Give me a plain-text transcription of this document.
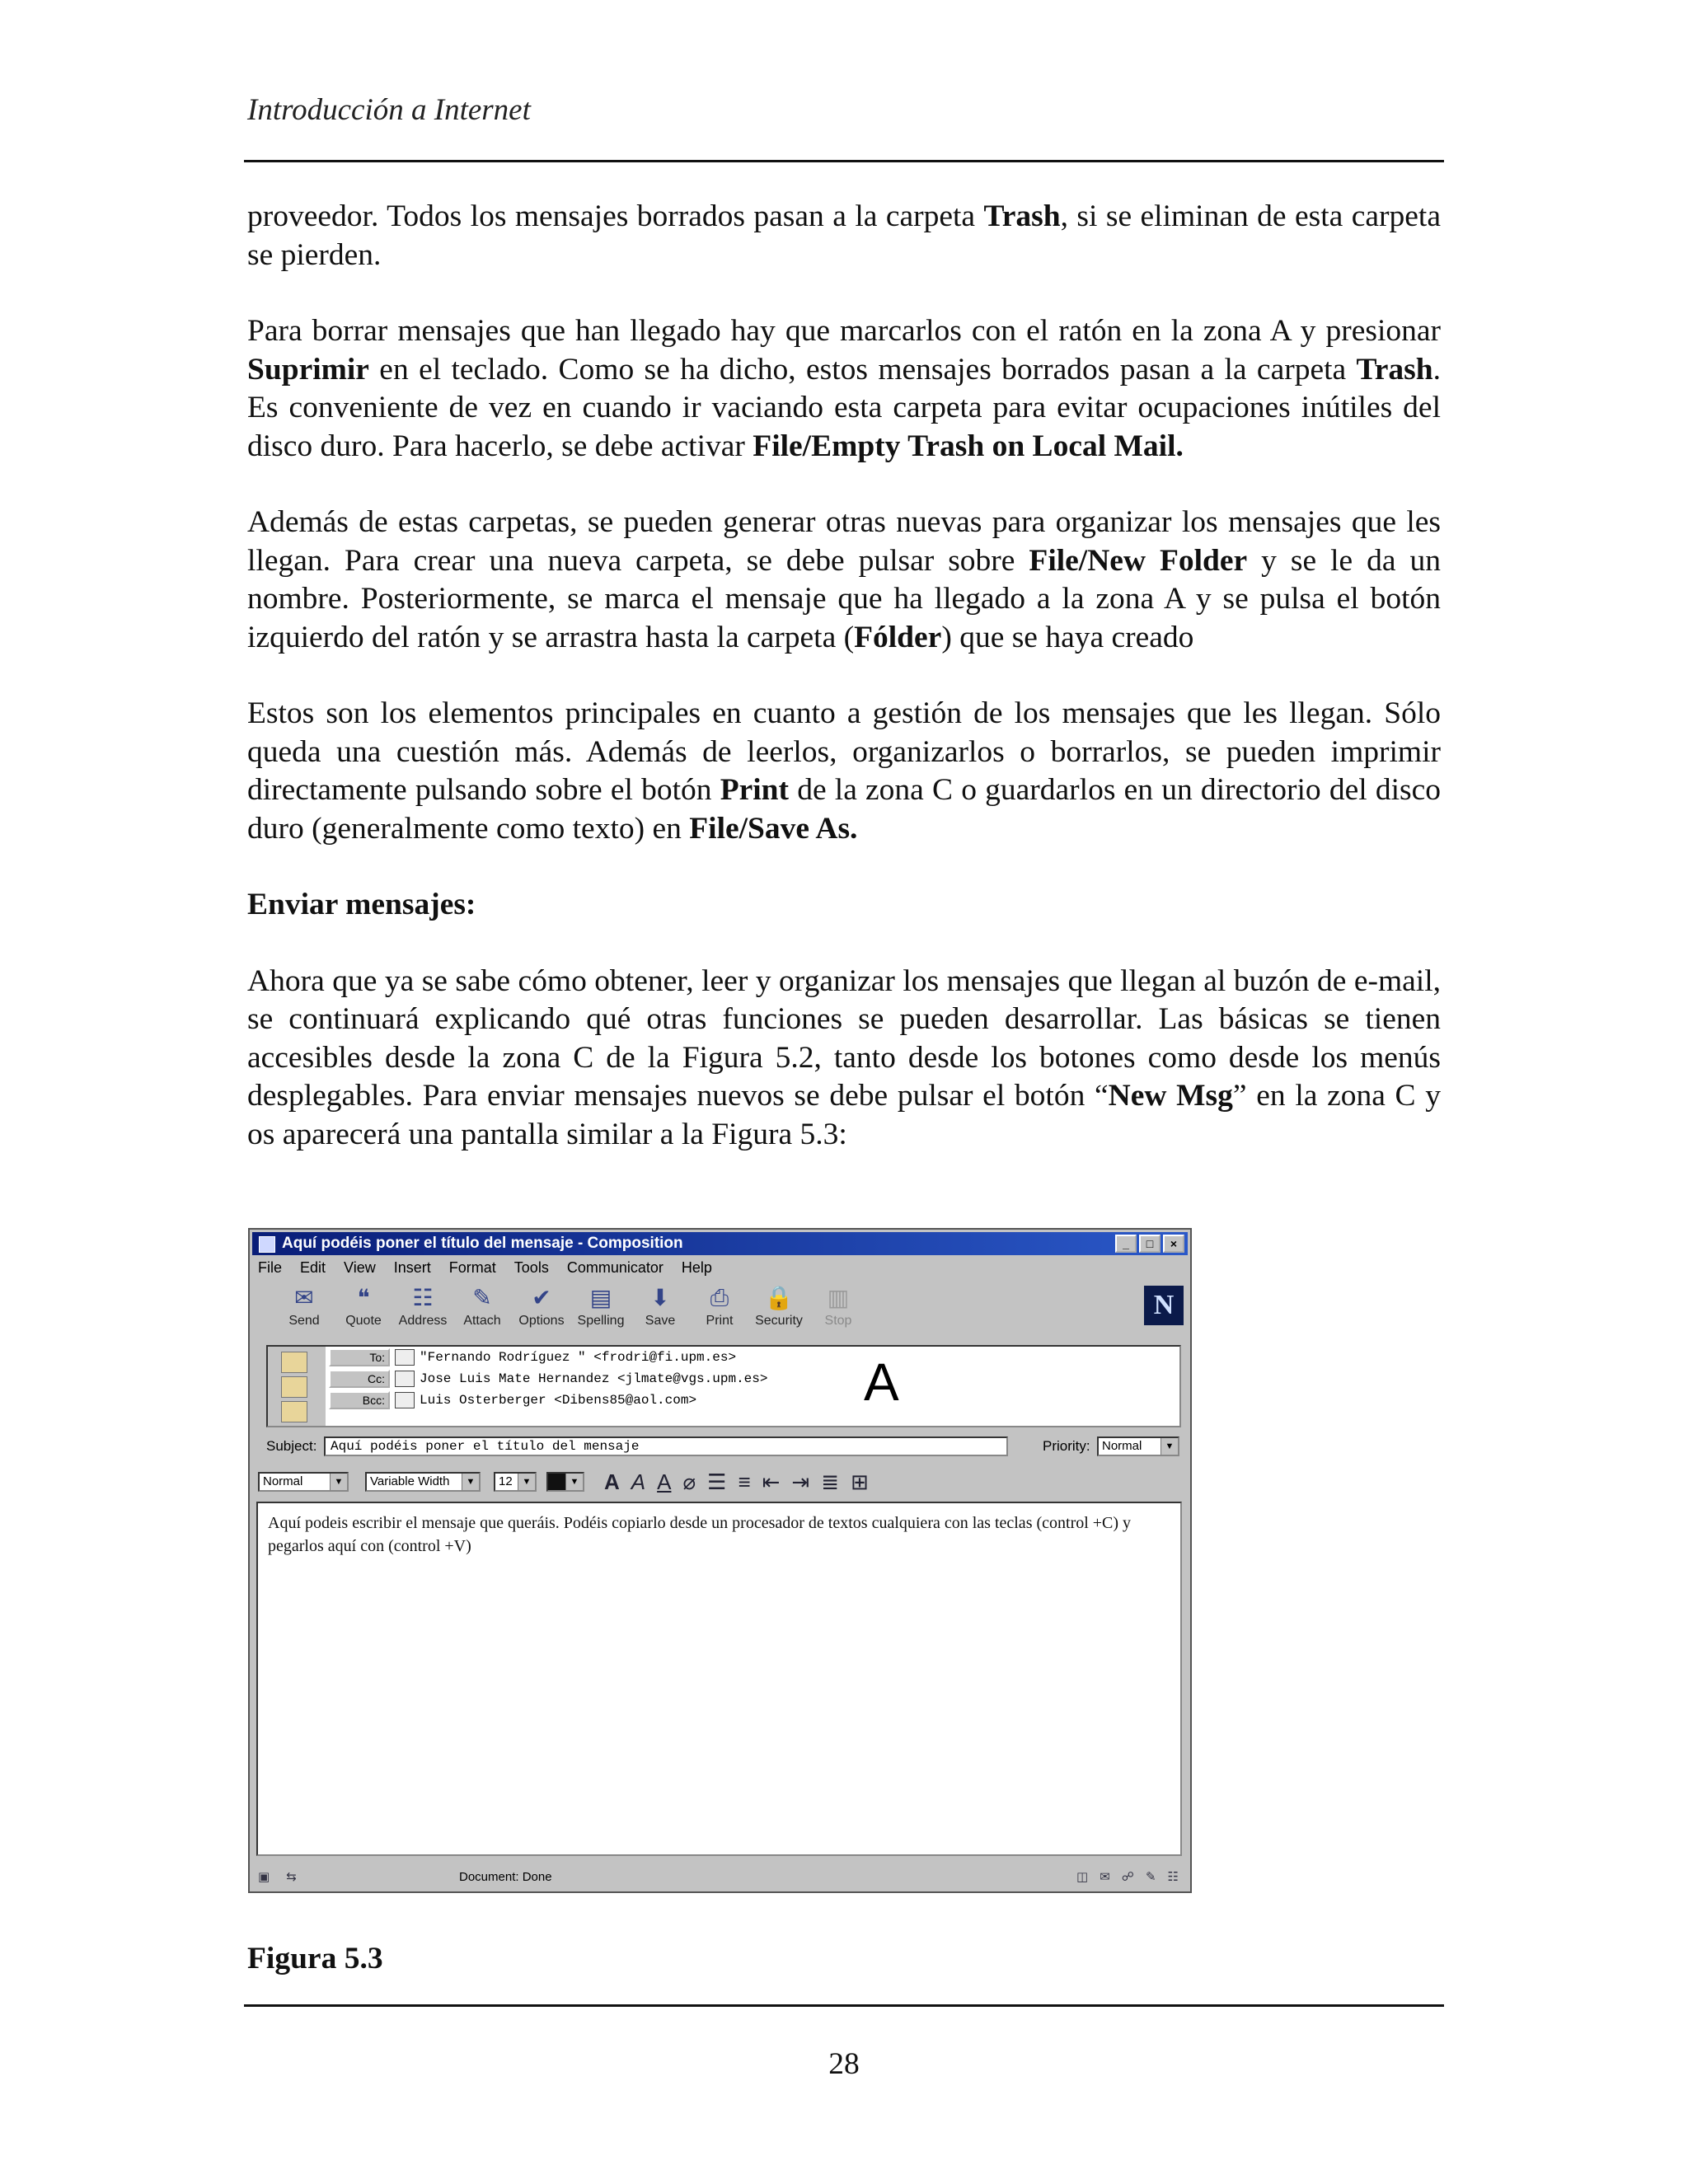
Introducción a Internet

proveedor. Todos los mensajes borrados pasan a la carpeta Trash, si se eliminan de esta carpeta se pierden.

Para borrar mensajes que han llegado hay que marcarlos con el ratón en la zona A y presionar Suprimir en el teclado. Como se ha dicho, estos mensajes borrados pasan a la carpeta Trash. Es conveniente de vez en cuando ir vaciando esta carpeta para evitar ocupaciones inútiles del disco duro. Para hacerlo, se debe activar File/Empty Trash on Local Mail.

Además de estas carpetas, se pueden generar otras nuevas para organizar los mensajes que les llegan. Para crear una nueva carpeta, se debe pulsar sobre File/New Folder y se le da un nombre. Posteriormente, se marca el mensaje que ha llegado a la zona A y se pulsa el botón izquierdo del ratón y se arrastra hasta la carpeta (Fólder) que se haya creado

Estos son los elementos principales en cuanto a gestión de los mensajes que les llegan. Sólo queda una cuestión más. Además de leerlos, organizarlos o borrarlos, se pueden imprimir directamente pulsando sobre el botón Print de la zona C o guardarlos en un directorio del disco duro (generalmente como texto) en File/Save As.

Enviar mensajes:

Ahora que ya se sabe cómo obtener, leer y organizar los mensajes que llegan al buzón de e-mail, se continuará explicando qué otras funciones se pueden desarrollar. Las básicas se tienen accesibles desde la zona C de la Figura 5.2, tanto desde los botones como desde los menús desplegables. Para enviar mensajes nuevos se debe pulsar el botón “New Msg” en la zona C y os aparecerá una pantalla similar a la Figura 5.3:

Aquí podéis poner el título del mensaje - Composition	_	□	×
File Edit View Insert Format Tools Communicator Help
✉
Send
❝
Quote
☷
Address
✎
Attach
✔
Options
▤
Spelling
⬇
Save
⎙
Print
🔒
Security
▥
Stop
N
To:	"Fernando Rodríguez " <frodri@fi.upm.es>
Cc:	Jose Luis Mate Hernandez <jlmate@vgs.upm.es>
Bcc:	Luis Osterberger <Dibens85@aol.com>	A
Subject:	Aquí podéis poner el título del mensaje	Priority: Normal	▼
Normal	▼	Variable Width	▼	12	▼	▼ A A A ⌀ ☰ ≡ ⇤ ⇥ ≣ ⊞
Aquí podeis escribir el mensaje que queráis. Podéis copiarlo desde un procesador de textos cualquiera con las teclas (control +C) y pegarlos aquí con (control +V)
▣ ⇆	Document: Done	◫ ✉ ☍ ✎ ☷
Figura 5.3
28
